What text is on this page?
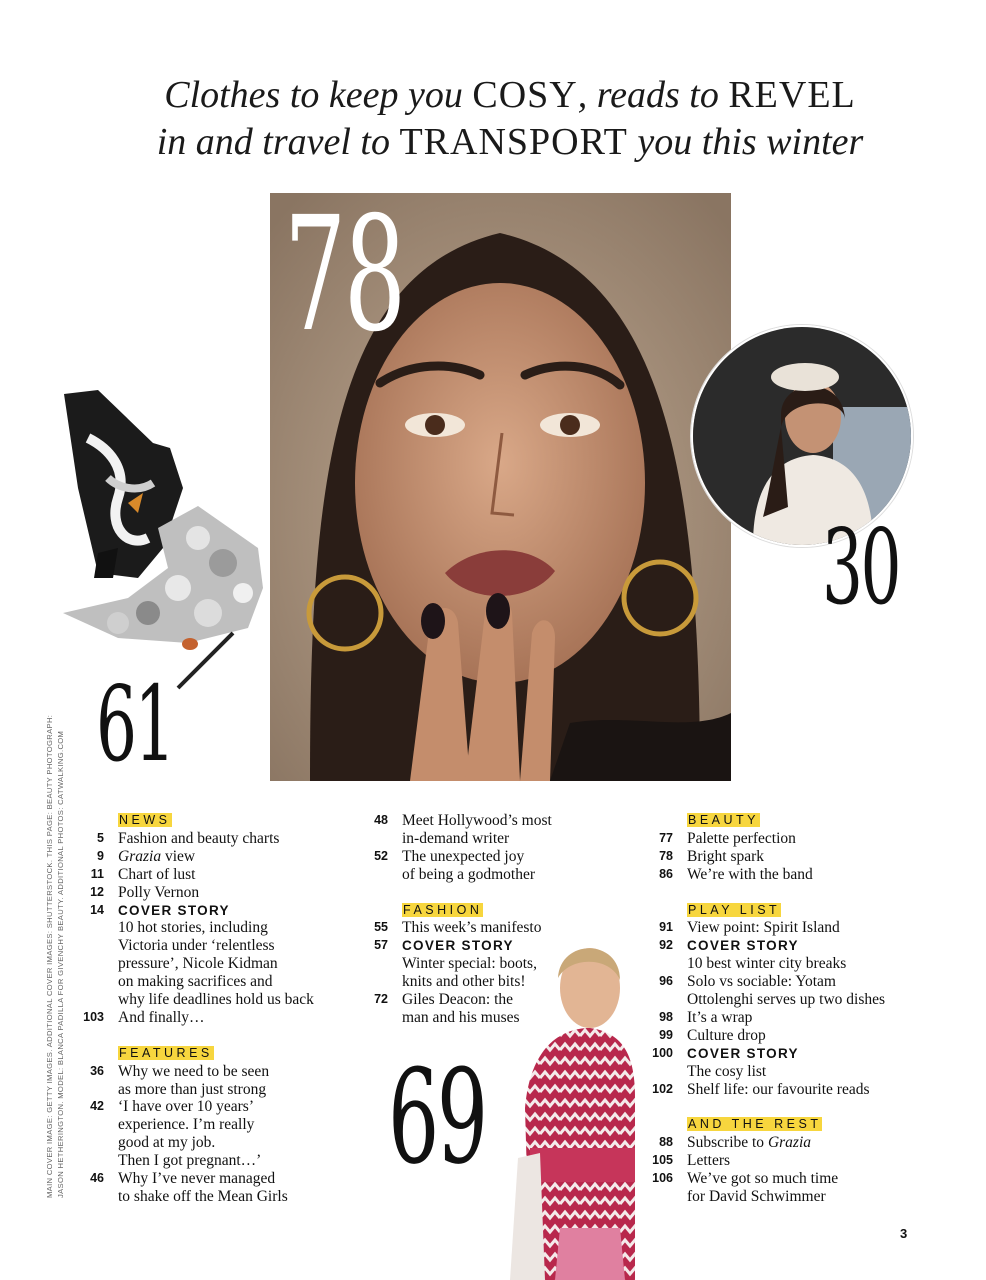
Clothes to keep you COSY, reads to REVEL
in and travel to TRANSPORT you this winter
78
30
61
69
MAIN COVER IMAGE: GETTY IMAGES. ADDITIONAL COVER IMAGES: SHUTTERSTOCK. THIS PAGE: BEAUTY PHOTOGRAPH: JASON HETHERINGTON. MODEL: BLANCA PADILLA FOR GIVENCHY BEAUTY. ADDITIONAL PHOTOS: CATWALKING.COM	NEWS
5 Fashion and beauty charts
9 Grazia view
11 Chart of lust
12 Polly Vernon
14	COVER STORY
10 hot stories, including
Victoria under ‘relentless
pressure’, Nicole Kidman
on making sacrifices and
why life deadlines hold us back
103 And finally…
FEATURES
36 Why we need to be seen
as more than just strong
42 ‘I have over 10 years’
experience. I’m really
good at my job.
Then I got pregnant…’
46 Why I’ve never managed
to shake off the Mean Girls
48 Meet Hollywood’s most
in-demand writer
52 The unexpected joy
of being a godmother
FASHION
55 This week’s manifesto
57	COVER STORY
Winter special: boots,
knits and other bits!
72 Giles Deacon: the
man and his muses
BEAUTY
77 Palette perfection
78 Bright spark
86 We’re with the band
PLAY LIST
91 View point: Spirit Island
92	COVER STORY
10 best winter city breaks
96 Solo vs sociable: Yotam
Ottolenghi serves up two dishes
98 It’s a wrap
99 Culture drop
100	COVER STORY
The cosy list
102 Shelf life: our favourite reads
AND THE REST
88 Subscribe to Grazia
105 Letters
106 We’ve got so much time
for David Schwimmer
3
